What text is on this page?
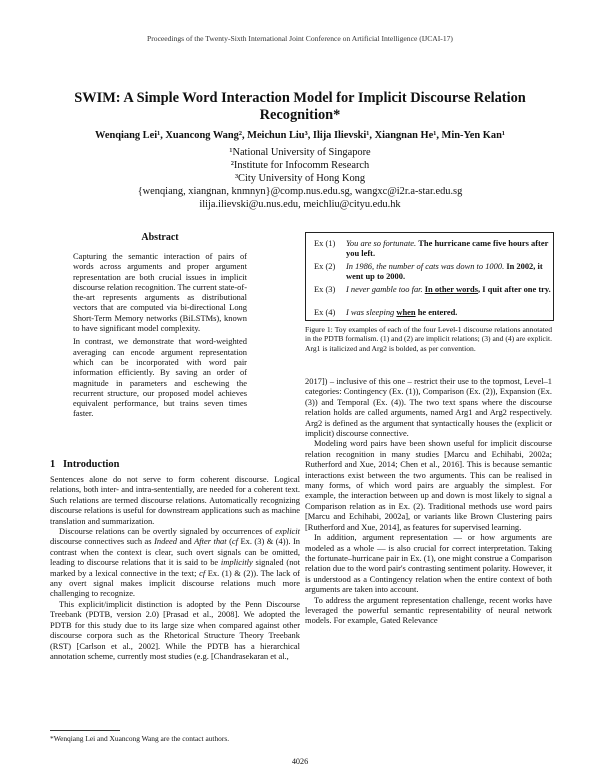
Proceedings of the Twenty-Sixth International Joint Conference on Artificial Intelligence (IJCAI-17)
SWIM: A Simple Word Interaction Model for Implicit Discourse Relation Recognition*
Wenqiang Lei¹, Xuancong Wang², Meichun Liu³, Ilija Ilievski¹, Xiangnan He¹, Min-Yen Kan¹
¹National University of Singapore
²Institute for Infocomm Research
³City University of Hong Kong
{wenqiang, xiangnan, knmnyn}@comp.nus.edu.sg, wangxc@i2r.a-star.edu.sg
ilija.ilievski@u.nus.edu, meichliu@cityu.edu.hk
Abstract

Capturing the semantic interaction of pairs of words across arguments and proper argument representation are both crucial issues in implicit discourse relation recognition. The current state-of-the-art represents arguments as distributional vectors that are computed via bi-directional Long Short-Term Memory networks (BiLSTMs), known to have significant model complexity.

In contrast, we demonstrate that word-weighted averaging can encode argument representation which can be incorporated with word pair information efficiently. By saving an order of magnitude in parameters and eschewing the recurrent structure, our proposed model achieves equivalent performance, but trains seven times faster.

1 Introduction

Sentences alone do not serve to form coherent discourse. Logical relations, both inter- and intra-sententially, are needed for a coherent text. Such relations are termed discourse relations. Automatically recognizing discourse relations is useful for downstream applications such as machine translation and summarization.

Discourse relations can be overtly signaled by occurrences of explicit discourse connectives such as Indeed and After that (cf Ex. (3) & (4)). In contrast when the context is clear, such overt signals can be omitted, leading to discourse relations that it is said to be implicitly signaled (not marked by a lexical connective in the text; cf Ex. (1) & (2)). The lack of any overt signal makes implicit discourse relations much more challenging to recognize.

This explicit/implicit distinction is adopted by the Penn Discourse Treebank (PDTB, version 2.0) [Prasad et al., 2008]. We adopted the PDTB for this study due to its large size when compared against other discourse corpora such as the Rhetorical Structure Theory Treebank (RST) [Carlson et al., 2002]. While the PDTB has a hierarchical annotation scheme, currently most studies (e.g. [Chandrasekaran et al.,

Ex (1)	You are so fortunate. The hurricane came five hours after you left.
Ex (2)	In 1986, the number of cats was down to 1000. In 2002, it went up to 2000.
Ex (3)	I never gamble too far. In other words, I quit after one try.
Ex (4)	I was sleeping when he entered.
Figure 1: Toy examples of each of the four Level-1 discourse relations annotated in the PDTB formalism. (1) and (2) are implicit relations; (3) and (4) are explicit. Arg1 is italicized and Arg2 is bolded, as per convention.

2017]) – inclusive of this one – restrict their use to the topmost, Level–1 categories: Contingency (Ex. (1)), Comparison (Ex. (2)), Expansion (Ex. (3)) and Temporal (Ex. (4)). The two text spans where the discourse relation holds are called arguments, named Arg1 and Arg2 respectively. Arg2 is defined as the argument that syntactically houses the (explicit or implicit) discourse connective.

Modeling word pairs have been shown useful for implicit discourse relation recognition in many studies [Marcu and Echihabi, 2002a; Rutherford and Xue, 2014; Chen et al., 2016]. This is because semantic interactions exist between the two arguments. This can be realised in many forms, of which word pairs are arguably the simplest. For example, the interaction between up and down is most likely to signal a Comparison relation as in Ex. (2). Traditional methods use word pairs [Marcu and Echihabi, 2002a], or variants like Brown Clustering pairs [Rutherford and Xue, 2014], as features for supervised learning.

In addition, argument representation — or how arguments are modeled as a whole — is also crucial for correct interpretation. Taking the fortunate–hurricane pair in Ex. (1), one might construe a Comparison relation due to the word pair's contrasting sentiment polarity. However, it is understood as a Contingency relation when the entire context of both arguments are taken into account.

To address the argument representation challenge, recent works have leveraged the powerful semantic representability of neural network models. For example, Gated Relevance

*Wenqiang Lei and Xuancong Wang are the contact authors.
4026
